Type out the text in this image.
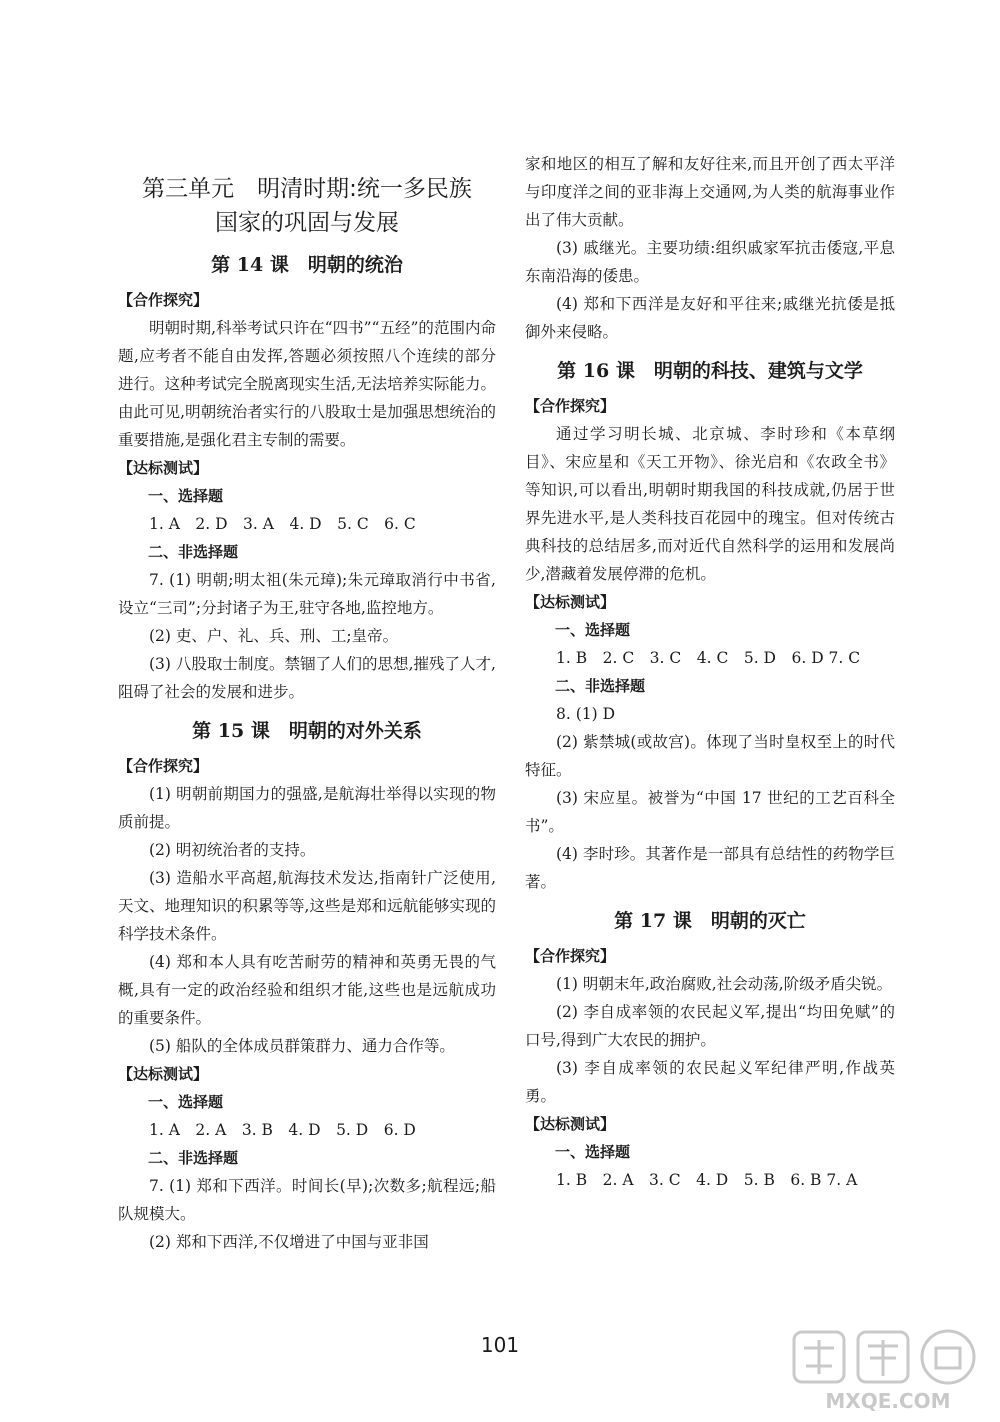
第三单元　明清时期:统一多民族
国家的巩固与发展
第 14 课　明朝的统治
【合作探究】
明朝时期,科举考试只许在“四书”“五经”的范围内命题,应考者不能自由发挥,答题必须按照八个连续的部分进行。这种考试完全脱离现实生活,无法培养实际能力。由此可见,明朝统治者实行的八股取士是加强思想统治的重要措施,是强化君主专制的需要。
【达标测试】
一、选择题
1. A　2. D　3. A　4. D　5. C　6. C
二、非选择题
7. (1) 明朝;明太祖(朱元璋);朱元璋取消行中书省,设立“三司”;分封诸子为王,驻守各地,监控地方。
(2) 吏、户、礼、兵、刑、工;皇帝。
(3) 八股取士制度。禁锢了人们的思想,摧残了人才,阻碍了社会的发展和进步。
第 15 课　明朝的对外关系
【合作探究】
(1) 明朝前期国力的强盛,是航海壮举得以实现的物质前提。
(2) 明初统治者的支持。
(3) 造船水平高超,航海技术发达,指南针广泛使用,天文、地理知识的积累等等,这些是郑和远航能够实现的科学技术条件。
(4) 郑和本人具有吃苦耐劳的精神和英勇无畏的气概,具有一定的政治经验和组织才能,这些也是远航成功的重要条件。
(5) 船队的全体成员群策群力、通力合作等。
【达标测试】
一、选择题
1. A　2. A　3. B　4. D　5. D　6. D
二、非选择题
7. (1) 郑和下西洋。时间长(早);次数多;航程远;船队规模大。
(2) 郑和下西洋,不仅增进了中国与亚非国
家和地区的相互了解和友好往来,而且开创了西太平洋与印度洋之间的亚非海上交通网,为人类的航海事业作出了伟大贡献。
(3) 戚继光。主要功绩:组织戚家军抗击倭寇,平息东南沿海的倭患。
(4) 郑和下西洋是友好和平往来;戚继光抗倭是抵御外来侵略。
第 16 课　明朝的科技、建筑与文学
【合作探究】
通过学习明长城、北京城、李时珍和《本草纲目》、宋应星和《天工开物》、徐光启和《农政全书》等知识,可以看出,明朝时期我国的科技成就,仍居于世界先进水平,是人类科技百花园中的瑰宝。但对传统古典科技的总结居多,而对近代自然科学的运用和发展尚少,潜藏着发展停滞的危机。
【达标测试】
一、选择题
1. B　2. C　3. C　4. C　5. D　6. D 7. C
二、非选择题
8. (1) D
(2) 紫禁城(或故宫)。体现了当时皇权至上的时代特征。
(3) 宋应星。被誉为“中国 17 世纪的工艺百科全书”。
(4) 李时珍。其著作是一部具有总结性的药物学巨著。
第 17 课　明朝的灭亡
【合作探究】
(1) 明朝末年,政治腐败,社会动荡,阶级矛盾尖锐。
(2) 李自成率领的农民起义军,提出“均田免赋”的口号,得到广大农民的拥护。
(3) 李自成率领的农民起义军纪律严明,作战英勇。
【达标测试】
一、选择题
1. B　2. A　3. C　4. D　5. B　6. B 7. A
101
MXQE.COM
